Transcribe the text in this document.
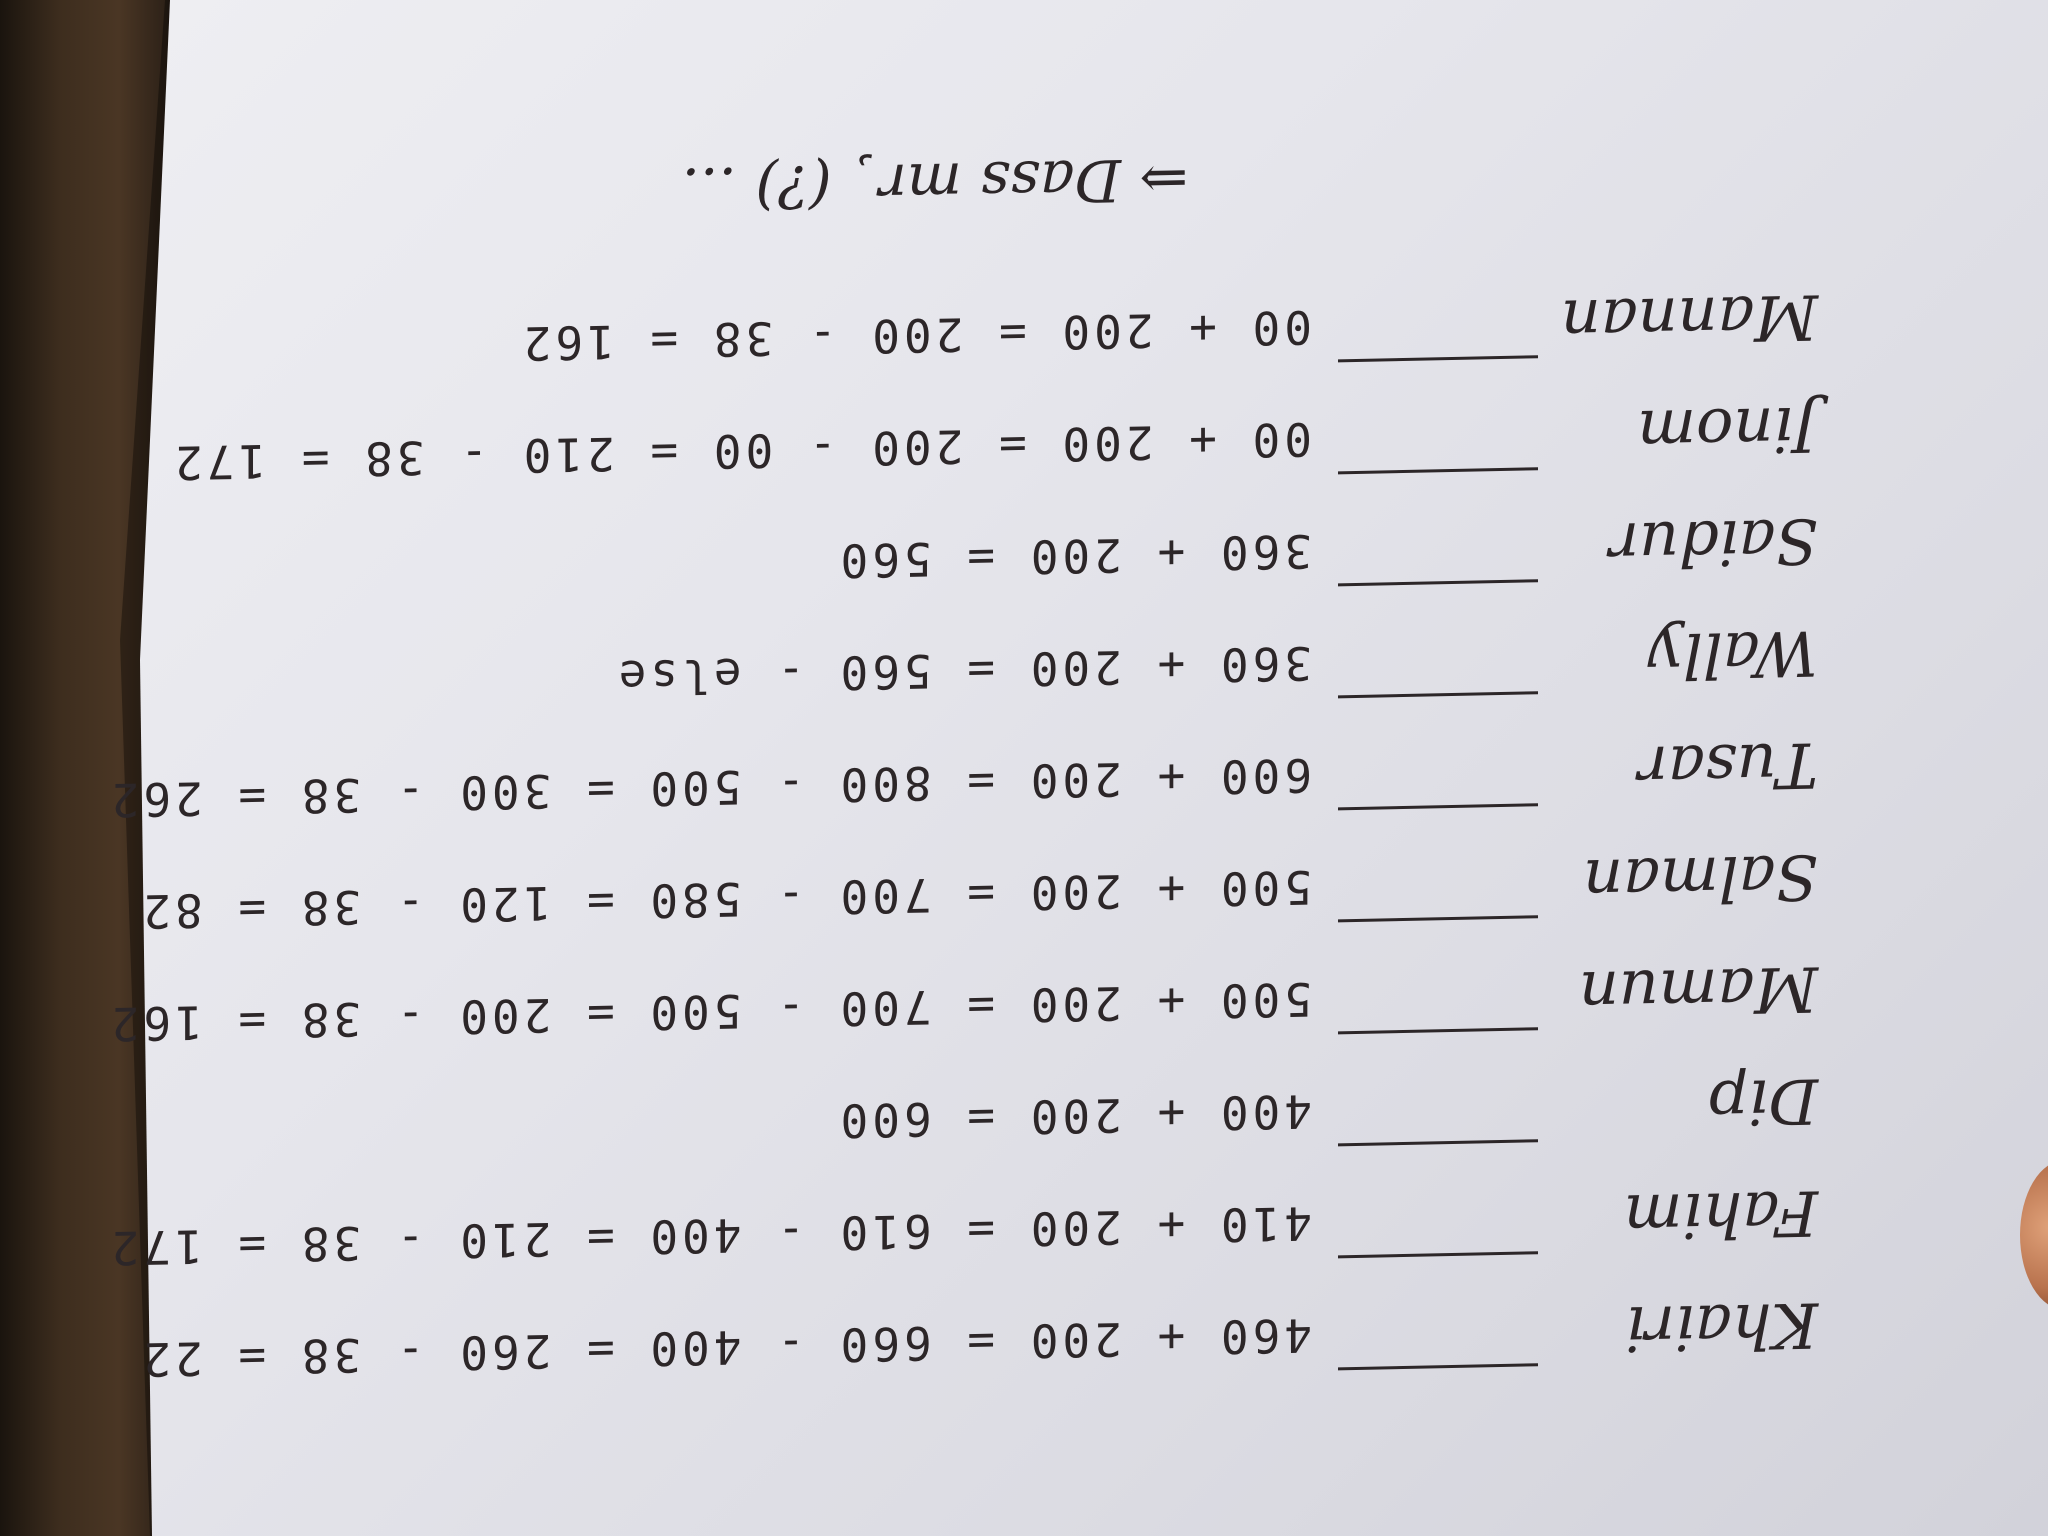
⇒ Dass mr¸ (?) ...
Khairi460 + 200 = 660 - 400 = 260 - 38 = 22
Fahim410 + 200 = 610 - 400 = 210 - 38 = 172
Dip400 + 200 = 600
Mamun500 + 200 = 700 - 500 = 200 - 38 = 162
Salman500 + 200 = 700 - 580 = 120 - 38 = 82
Tusar600 + 200 = 800 - 500 = 300 - 38 = 262
Wally360 + 200 = 560 - else
Saidur360 + 200 = 560
Jinom00 + 200 = 200 - 00 = 210 - 38 = 172
Mannan00 + 200 = 200 - 38 = 162
